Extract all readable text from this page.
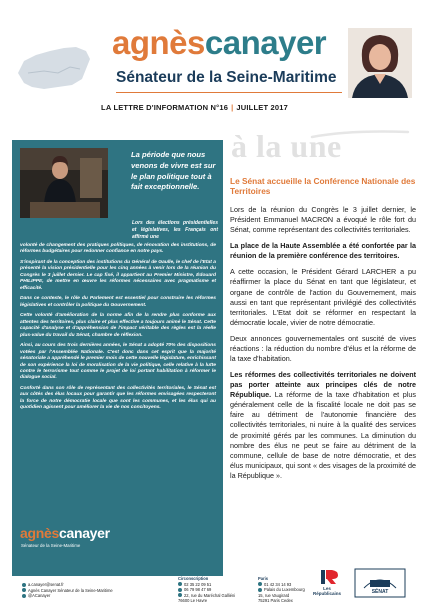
agnèscanayer
Sénateur de la Seine-Maritime
LA LETTRE D'INFORMATION N°16 | JUILLET 2017
La période que nous venons de vivre est sur le plan politique tout à fait exceptionnelle.
Lors des élections présidentielles et législatives, les Français ont affirmé une

volonté de changement des pratiques politiques, de rénovation des institutions, de réformes budgétaires pour redonner confiance en notre pays.

S'inspirant de la conception des institutions du Général de Gaulle, le chef de l'Etat a présenté la vision présidentielle pour les cinq années à venir lors de la réunion du Congrès le 3 juillet dernier. Le cap fixé, il appartient au Premier Ministre, Édouard PHILIPPE, de mettre en œuvre les réformes nécessaires avec pragmatisme et efficacité.

Dans ce contexte, le rôle du Parlement est essentiel pour construire les réformes législatives et contrôler la politique du Gouvernement.

Cette volonté d'amélioration de la norme afin de la rendre plus conforme aux attentes des territoires, plus claire et plus effective a toujours animé le Sénat. Cette capacité d'analyse et d'appréhension de l'impact véritable des règles est la réelle plus-value du travail du Sénat, chambre de réflexion.

Ainsi, au cours des trois dernières années, le Sénat a adopté 70% des dispositions votées par l'Assemblée Nationale. C'est donc dans cet esprit que la majorité sénatoriale a appréhendé le premier mois de cette nouvelle législature, enrichissant de son expérience la loi de moralisation de la vie politique, celle relative à la lutte contre le terrorisme tout comme le projet de loi portant habilitation à réformer le dialogue social.

Conforté dans son rôle de représentant des collectivités territoriales, le Sénat est aux côtés des élus locaux pour garantir que les réformes envisagées respecteront la force de notre démocratie locale que sont les communes, et les élus qui au quotidien agissent pour améliorer la vie de nos concitoyens.

agnèscanayer
Sénateur de la Seine-Maritime
à la une
Le Sénat accueille la Conférence Nationale des Territoires

Lors de la réunion du Congrès le 3 juillet dernier, le Président Emmanuel MACRON a évoqué le rôle fort du Sénat, comme représentant des collectivités territoriales.

La place de la Haute Assemblée a été confortée par la réunion de la première conférence des territoires.

A cette occasion, le Président Gérard LARCHER a pu réaffirmer la place du Sénat en tant que législateur, et organe de contrôle de l'action du Gouvernement, mais aussi en tant que représentant privilégié des collectivités territoriales. L'Etat doit se réformer en respectant la démocratie locale, vivier de notre démocratie.

Deux annonces gouvernementales ont suscité de vives réactions : la réduction du nombre d'élus et la réforme de la taxe d'habitation.

Les réformes des collectivités territoriales ne doivent pas porter atteinte aux principes clés de notre République. La réforme de la taxe d'habitation et plus généralement celle de la fiscalité locale ne doit pas se faire au détriment de l'autonomie financière des collectivités territoriales, ni nuire à la qualité des services de proximité gérés par les communes. La diminution du nombre des élus ne peut se faire au détriment de la commune, cellule de base de notre démocratie, et des élus municipaux, qui sont « des visages de la proximité de la République ».

a.canayer@senat.fr
Agnès Canayer Sénateur de la Seine-Maritime
@ACanayer
Circonscription
02 35 22 09 51
06 79 98 47 69
22, rue du Maréchal Galliéni
76600 Le Havre
Paris
01 42 34 14 93
Palais du Luxembourg
15, rue Vaugirard
75291 Paris Cedex
Les Républicains	SÉNAT
